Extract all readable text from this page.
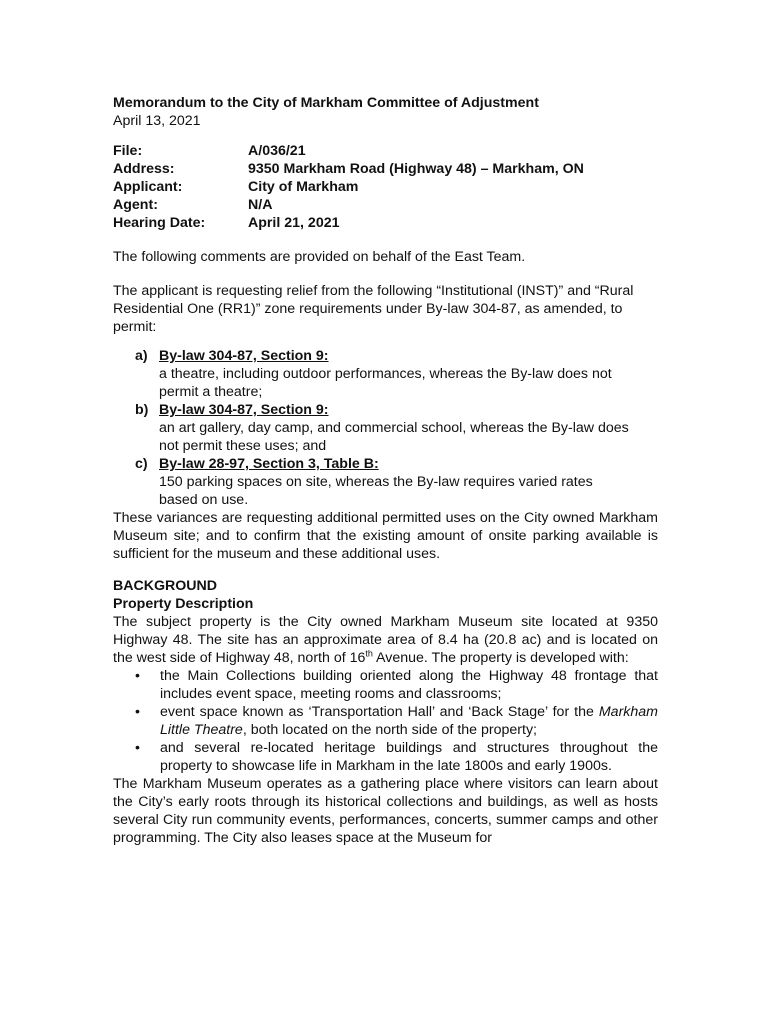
Memorandum to the City of Markham Committee of Adjustment
April 13, 2021
File:	A/036/21
Address:	9350 Markham Road (Highway 48) – Markham, ON
Applicant:	City of Markham
Agent:	N/A
Hearing Date:	April 21, 2021

The following comments are provided on behalf of the East Team.

The applicant is requesting relief from the following “Institutional (INST)” and “Rural Residential One (RR1)” zone requirements under By-law 304-87, as amended, to permit:

a) By-law 304-87, Section 9:
a theatre, including outdoor performances, whereas the By-law does not permit a theatre;
b) By-law 304-87, Section 9:
an art gallery, day camp, and commercial school, whereas the By-law does not permit these uses; and
c) By-law 28-97, Section 3, Table B:
150 parking spaces on site, whereas the By-law requires varied rates based on use.

These variances are requesting additional permitted uses on the City owned Markham Museum site; and to confirm that the existing amount of onsite parking available is sufficient for the museum and these additional uses.

BACKGROUND
Property Description

The subject property is the City owned Markham Museum site located at 9350 Highway 48. The site has an approximate area of 8.4 ha (20.8 ac) and is located on the west side of Highway 48, north of 16th Avenue. The property is developed with:

•	the Main Collections building oriented along the Highway 48 frontage that includes event space, meeting rooms and classrooms;
•	event space known as ‘Transportation Hall’ and ‘Back Stage’ for the Markham Little Theatre, both located on the north side of the property;
•	and several re-located heritage buildings and structures throughout the property to showcase life in Markham in the late 1800s and early 1900s.

The Markham Museum operates as a gathering place where visitors can learn about the City’s early roots through its historical collections and buildings, as well as hosts several City run community events, performances, concerts, summer camps and other programming. The City also leases space at the Museum for
